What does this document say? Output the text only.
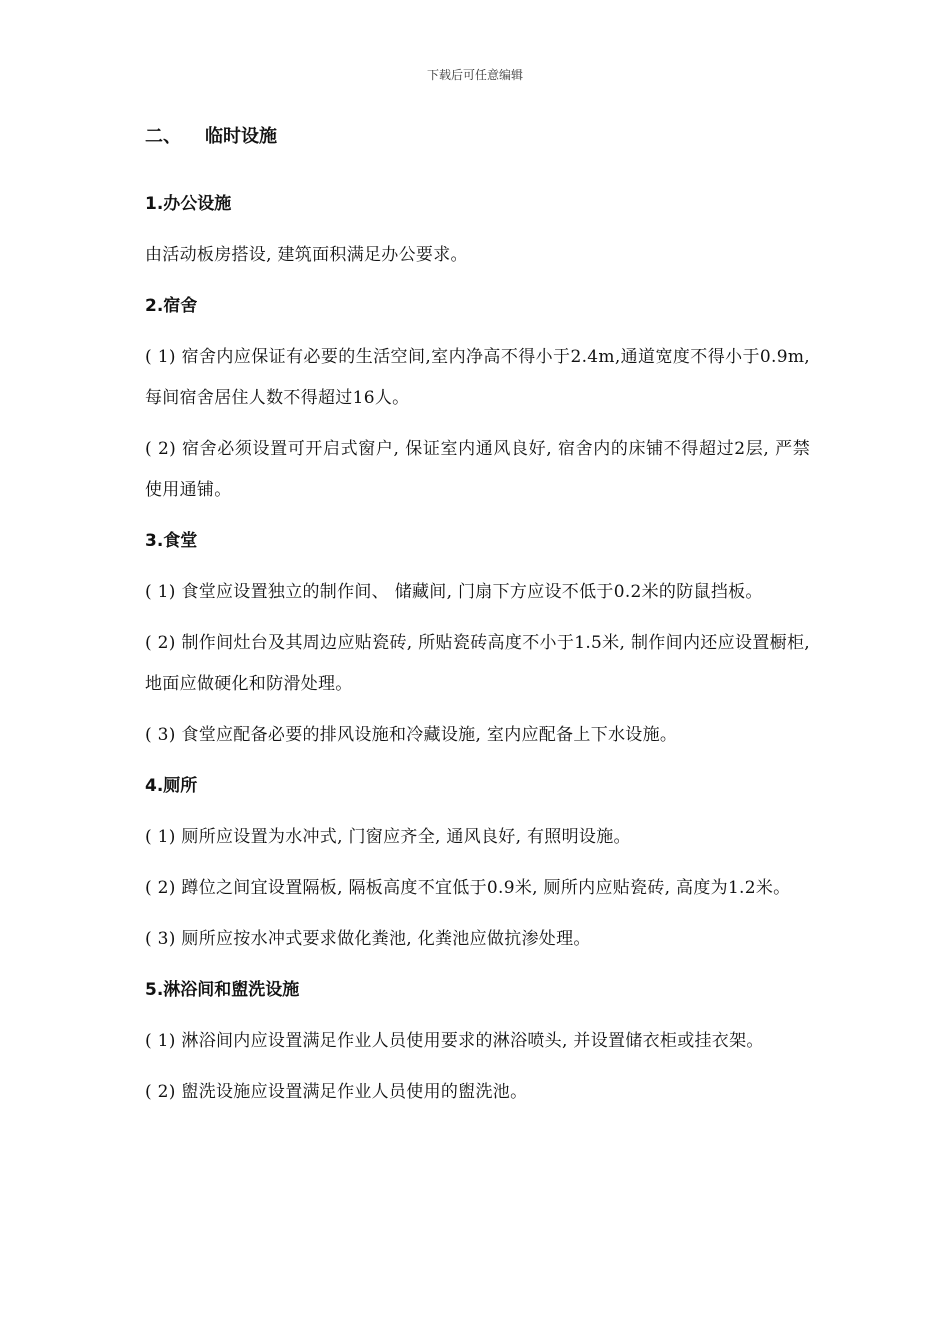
下载后可任意编辑
二、 临时设施
1.办公设施
由活动板房搭设, 建筑面积满足办公要求。
2.宿舍
( 1) 宿舍内应保证有必要的生活空间,室内净高不得小于2.4m,通道宽度不得小于0.9m,每间宿舍居住人数不得超过16人。
( 2) 宿舍必须设置可开启式窗户, 保证室内通风良好, 宿舍内的床铺不得超过2层, 严禁使用通铺。
3.食堂
( 1) 食堂应设置独立的制作间、 储藏间, 门扇下方应设不低于0.2米的防鼠挡板。
( 2) 制作间灶台及其周边应贴瓷砖, 所贴瓷砖高度不小于1.5米, 制作间内还应设置橱柜, 地面应做硬化和防滑处理。
( 3) 食堂应配备必要的排风设施和冷藏设施, 室内应配备上下水设施。
4.厕所
( 1) 厕所应设置为水冲式, 门窗应齐全, 通风良好, 有照明设施。
( 2) 蹲位之间宜设置隔板, 隔板高度不宜低于0.9米, 厕所内应贴瓷砖, 高度为1.2米。
( 3) 厕所应按水冲式要求做化粪池, 化粪池应做抗渗处理。
5.淋浴间和盥洗设施
( 1) 淋浴间内应设置满足作业人员使用要求的淋浴喷头, 并设置储衣柜或挂衣架。
( 2) 盥洗设施应设置满足作业人员使用的盥洗池。
